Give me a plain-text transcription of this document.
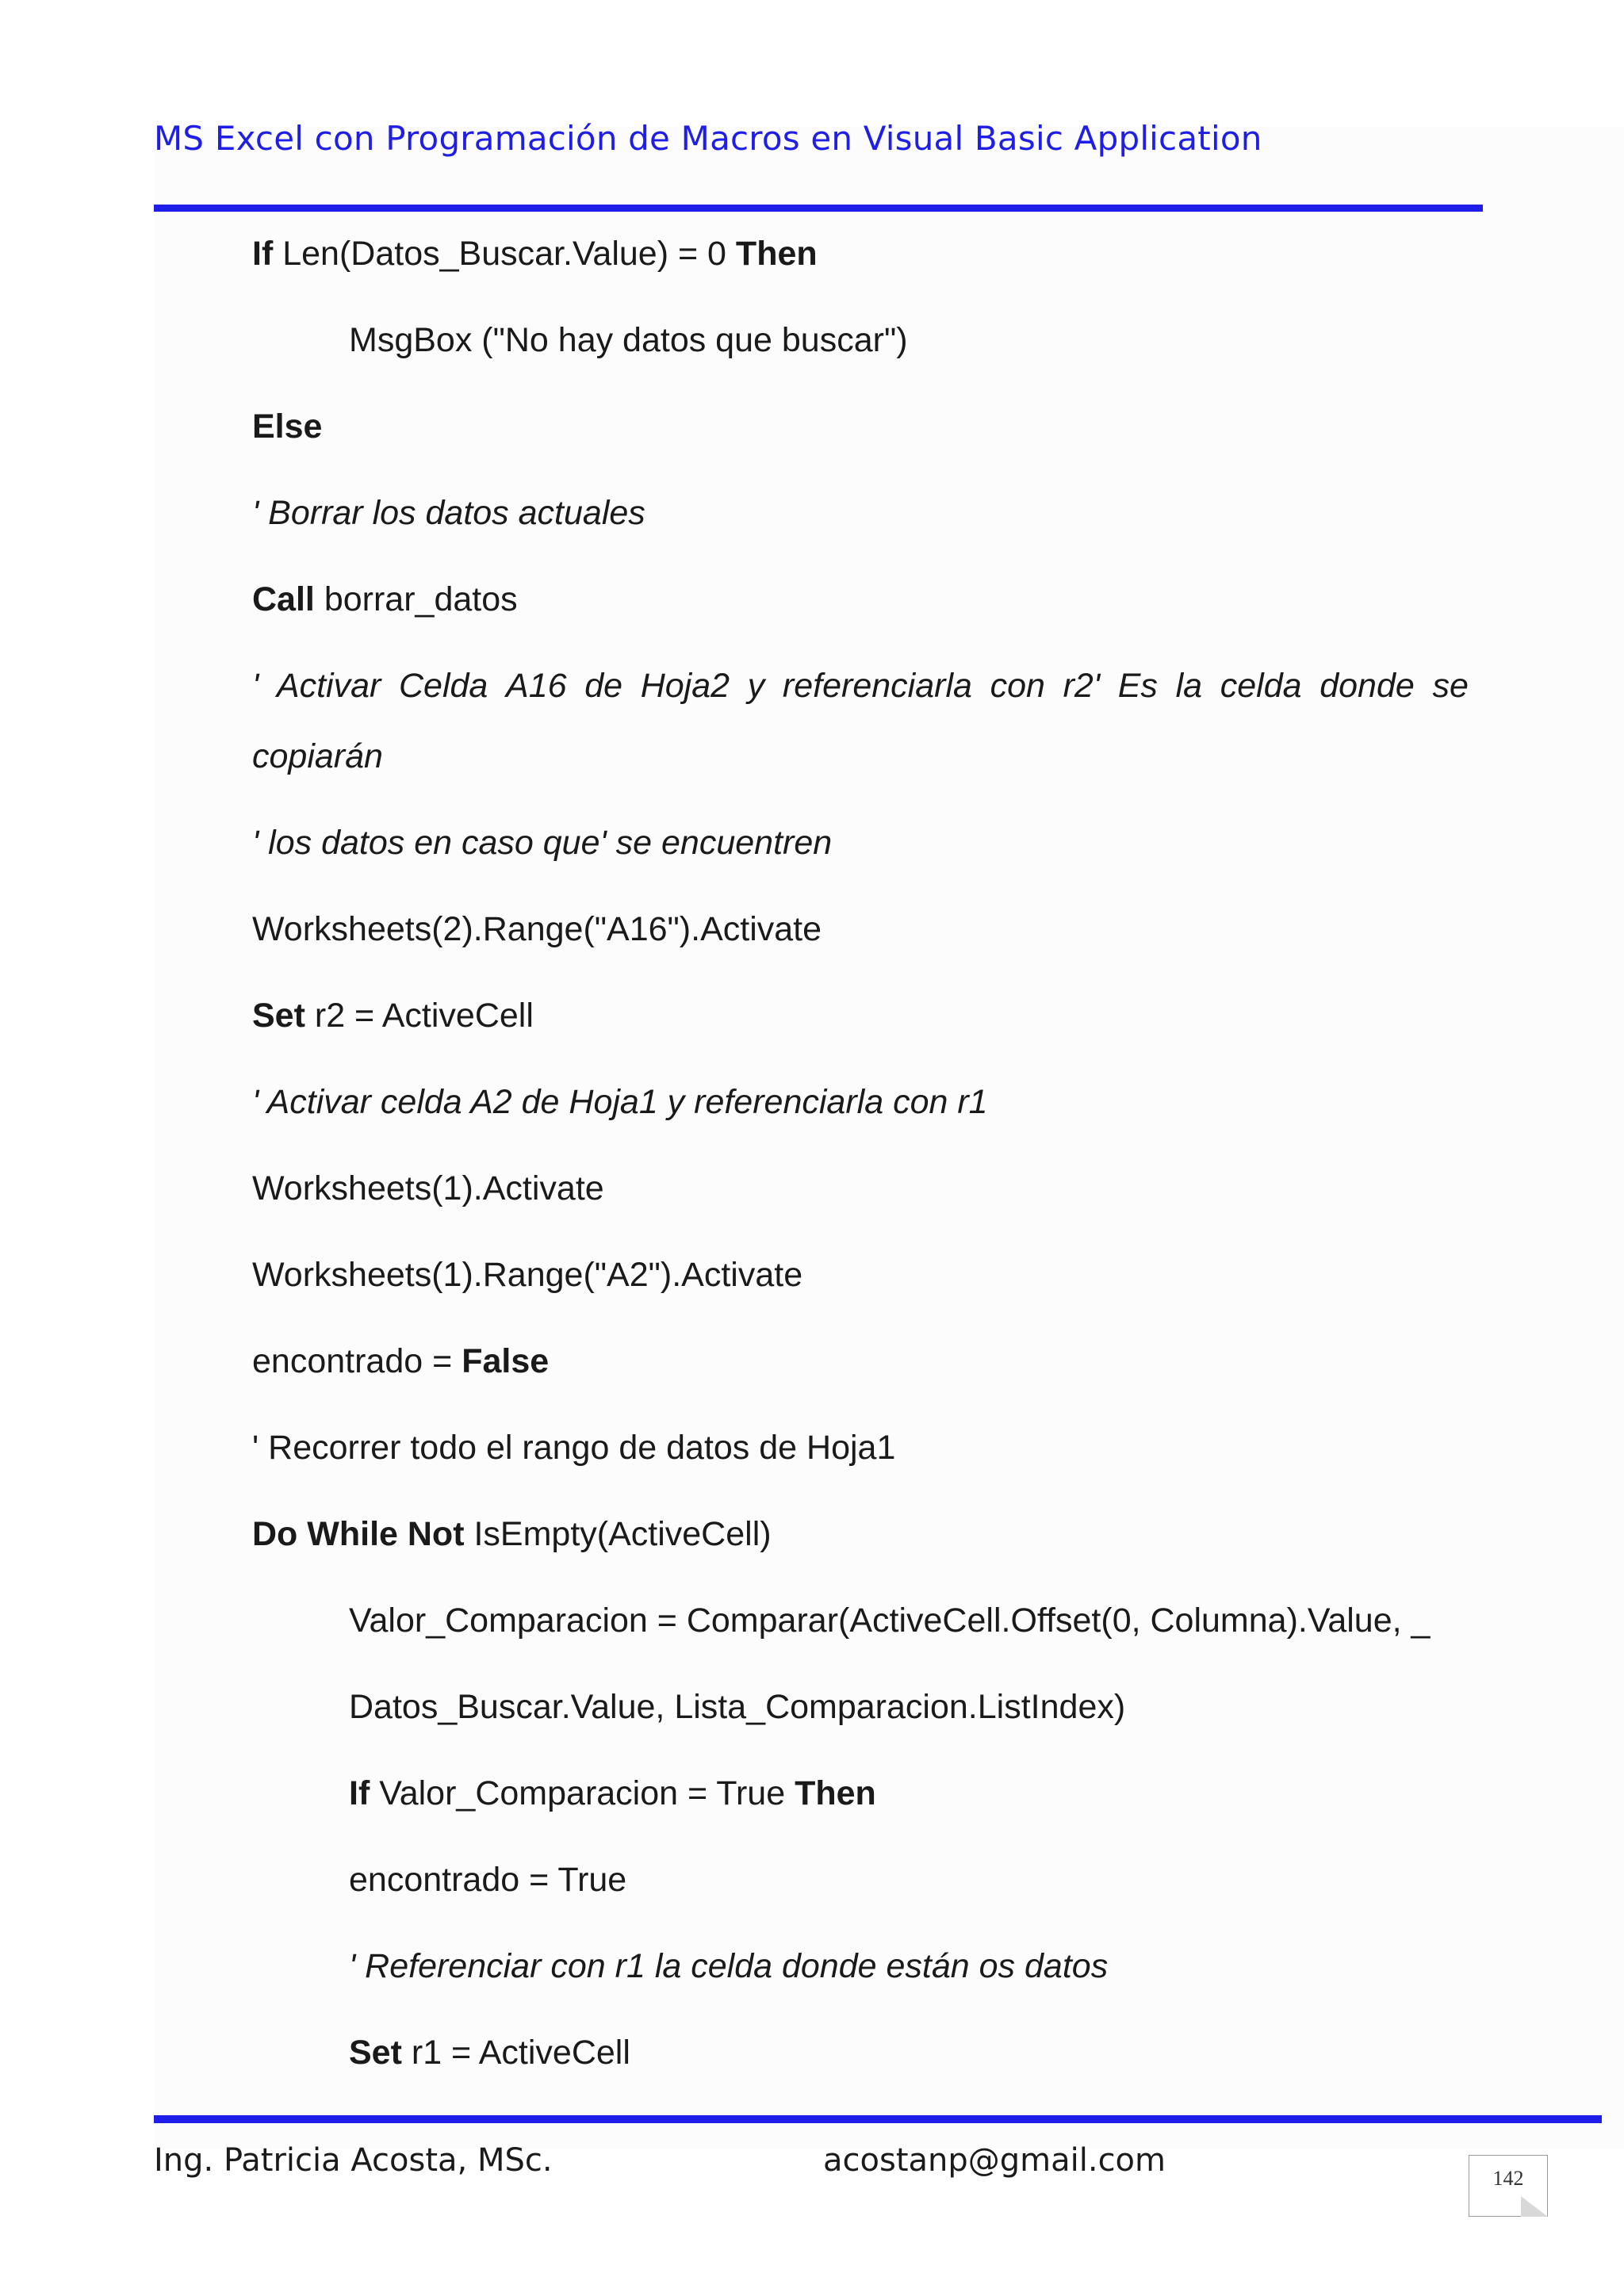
MS Excel con Programación de Macros en Visual Basic Application
If Len(Datos_Buscar.Value) = 0 Then
MsgBox ("No hay datos que buscar")
Else
' Borrar los datos actuales
Call borrar_datos
' Activar Celda A16 de Hoja2 y referenciarla con r2' Es la celda donde se
copiarán
' los datos en caso que' se encuentren
Worksheets(2).Range("A16").Activate
Set r2 = ActiveCell
' Activar celda A2 de Hoja1 y referenciarla con r1
Worksheets(1).Activate
Worksheets(1).Range("A2").Activate
encontrado = False
' Recorrer todo el rango de datos de Hoja1
Do While Not IsEmpty(ActiveCell)
Valor_Comparacion = Comparar(ActiveCell.Offset(0, Columna).Value, _
Datos_Buscar.Value, Lista_Comparacion.ListIndex)
If Valor_Comparacion = True Then
encontrado = True
' Referenciar con r1 la celda donde están os datos
Set r1 = ActiveCell
Ing. Patricia Acosta, MSc.	acostanp@gmail.com	142
